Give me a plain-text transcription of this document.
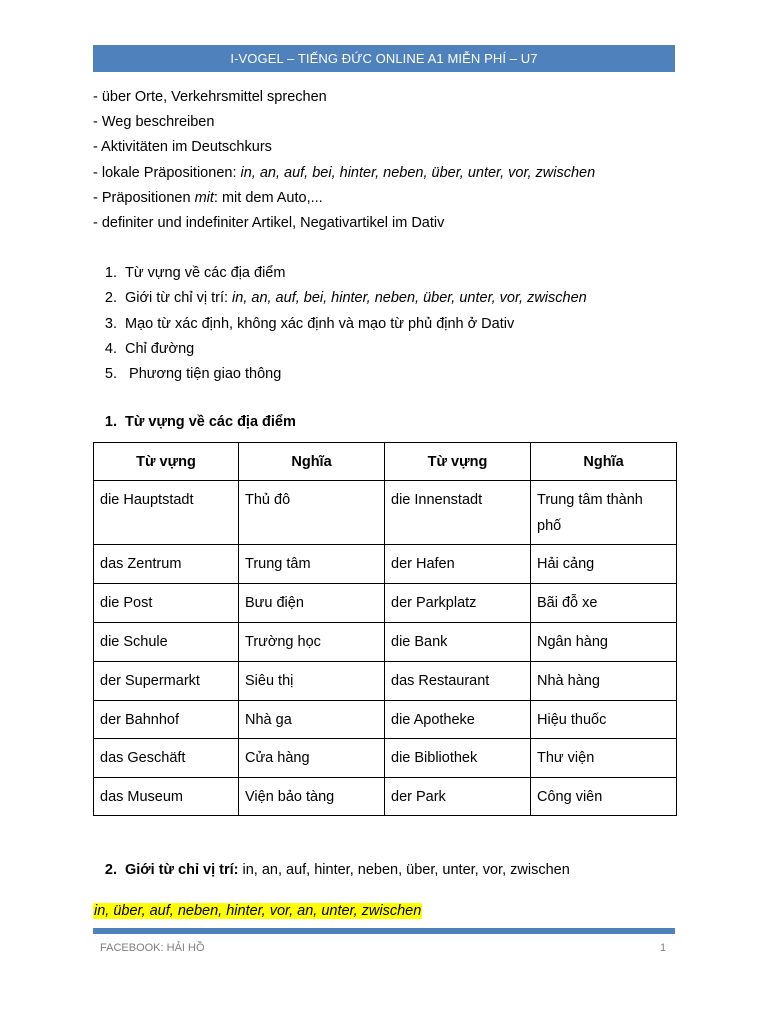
I-VOGEL – TIẾNG ĐỨC ONLINE A1 MIỄN PHÍ – U7
- über Orte, Verkehrsmittel sprechen
- Weg beschreiben
- Aktivitäten im Deutschkurs
- lokale Präpositionen: in, an, auf, bei, hinter, neben, über, unter, vor, zwischen
- Präpositionen mit: mit dem Auto,...
- definiter und indefiniter Artikel, Negativartikel im Dativ
1. Từ vựng về các địa điểm
2. Giới từ chỉ vị trí: in, an, auf, bei, hinter, neben, über, unter, vor, zwischen
3. Mạo từ xác định, không xác định và mạo từ phủ định ở Dativ
4. Chỉ đường
5. Phương tiện giao thông
1. Từ vựng về các địa điểm
Từ vựng	Nghĩa	Từ vựng	Nghĩa
die Hauptstadt	Thủ đô	die Innenstadt	Trung tâm thành phố
das Zentrum	Trung tâm	der Hafen	Hải cảng
die Post	Bưu điện	der Parkplatz	Bãi đỗ xe
die Schule	Trường học	die Bank	Ngân hàng
der Supermarkt	Siêu thị	das Restaurant	Nhà hàng
der Bahnhof	Nhà ga	die Apotheke	Hiệu thuốc
das Geschäft	Cửa hàng	die Bibliothek	Thư viện
das Museum	Viện bảo tàng	der Park	Công viên
2. Giới từ chỉ vị trí: in, an, auf, hinter, neben, über, unter, vor, zwischen
in, über, auf, neben, hinter, vor, an, unter, zwischen
FACEBOOK: HẢI HỒ	1
